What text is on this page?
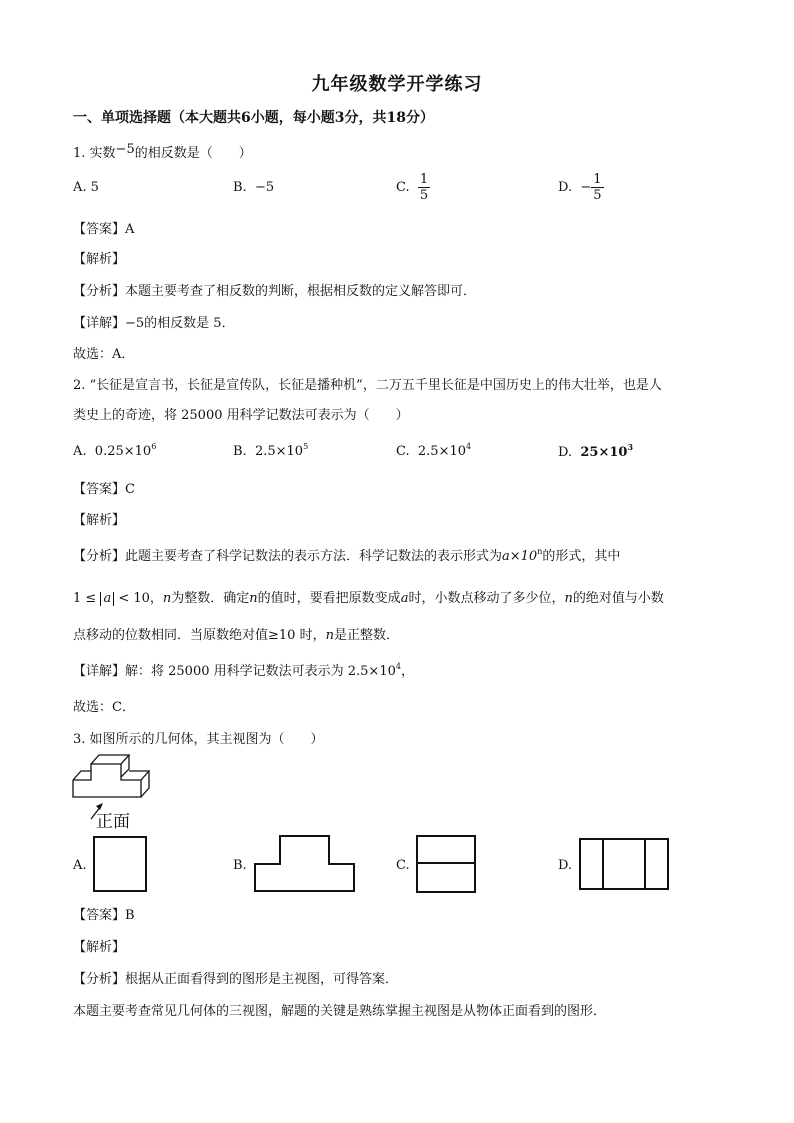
九年级数学开学练习
一、单项选择题（本大题共6小题，每小题3分，共18分）
1. 实数$^{-5}$的相反数是（　　）
A. 5	B. −5	C. $\frac{1}{5}$	D. − $\frac{1}{5}$
【答案】A
【解析】
【分析】本题主要考查了相反数的判断，根据相反数的定义解答即可．
【详解】−5的相反数是 5．
故选：A．
2. “长征是宣言书，长征是宣传队，长征是播种机”，二万五千里长征是中国历史上的伟大壮举，也是人
类史上的奇迹，将 25000 用科学记数法可表示为（　　）
A. $0.25\times 10^6$	B. $2.5\times 10^5$	C. $2.5\times 10^4$	D. $25\times 10^3$
【答案】C
【解析】
【分析】此题主要考查了科学记数法的表示方法．科学记数法的表示形式为$a\times 10^n$的形式，其中
1 ≤ a < 10，n为整数．确定n的值时，要看把原数变成a时，小数点移动了多少位，n的绝对值与小数
点移动的位数相同．当原数绝对值≥10 时，n是正整数．
【详解】解：将 25000 用科学记数法可表示为 $2.5\times 10^4$，
故选：C．
3. 如图所示的几何体，其主视图为（　　）
正面
A.	B.	C.	D.
【答案】B
【解析】
【分析】根据从正面看得到的图形是主视图，可得答案．
本题主要考查常见几何体的三视图，解题的关键是熟练掌握主视图是从物体正面看到的图形．
